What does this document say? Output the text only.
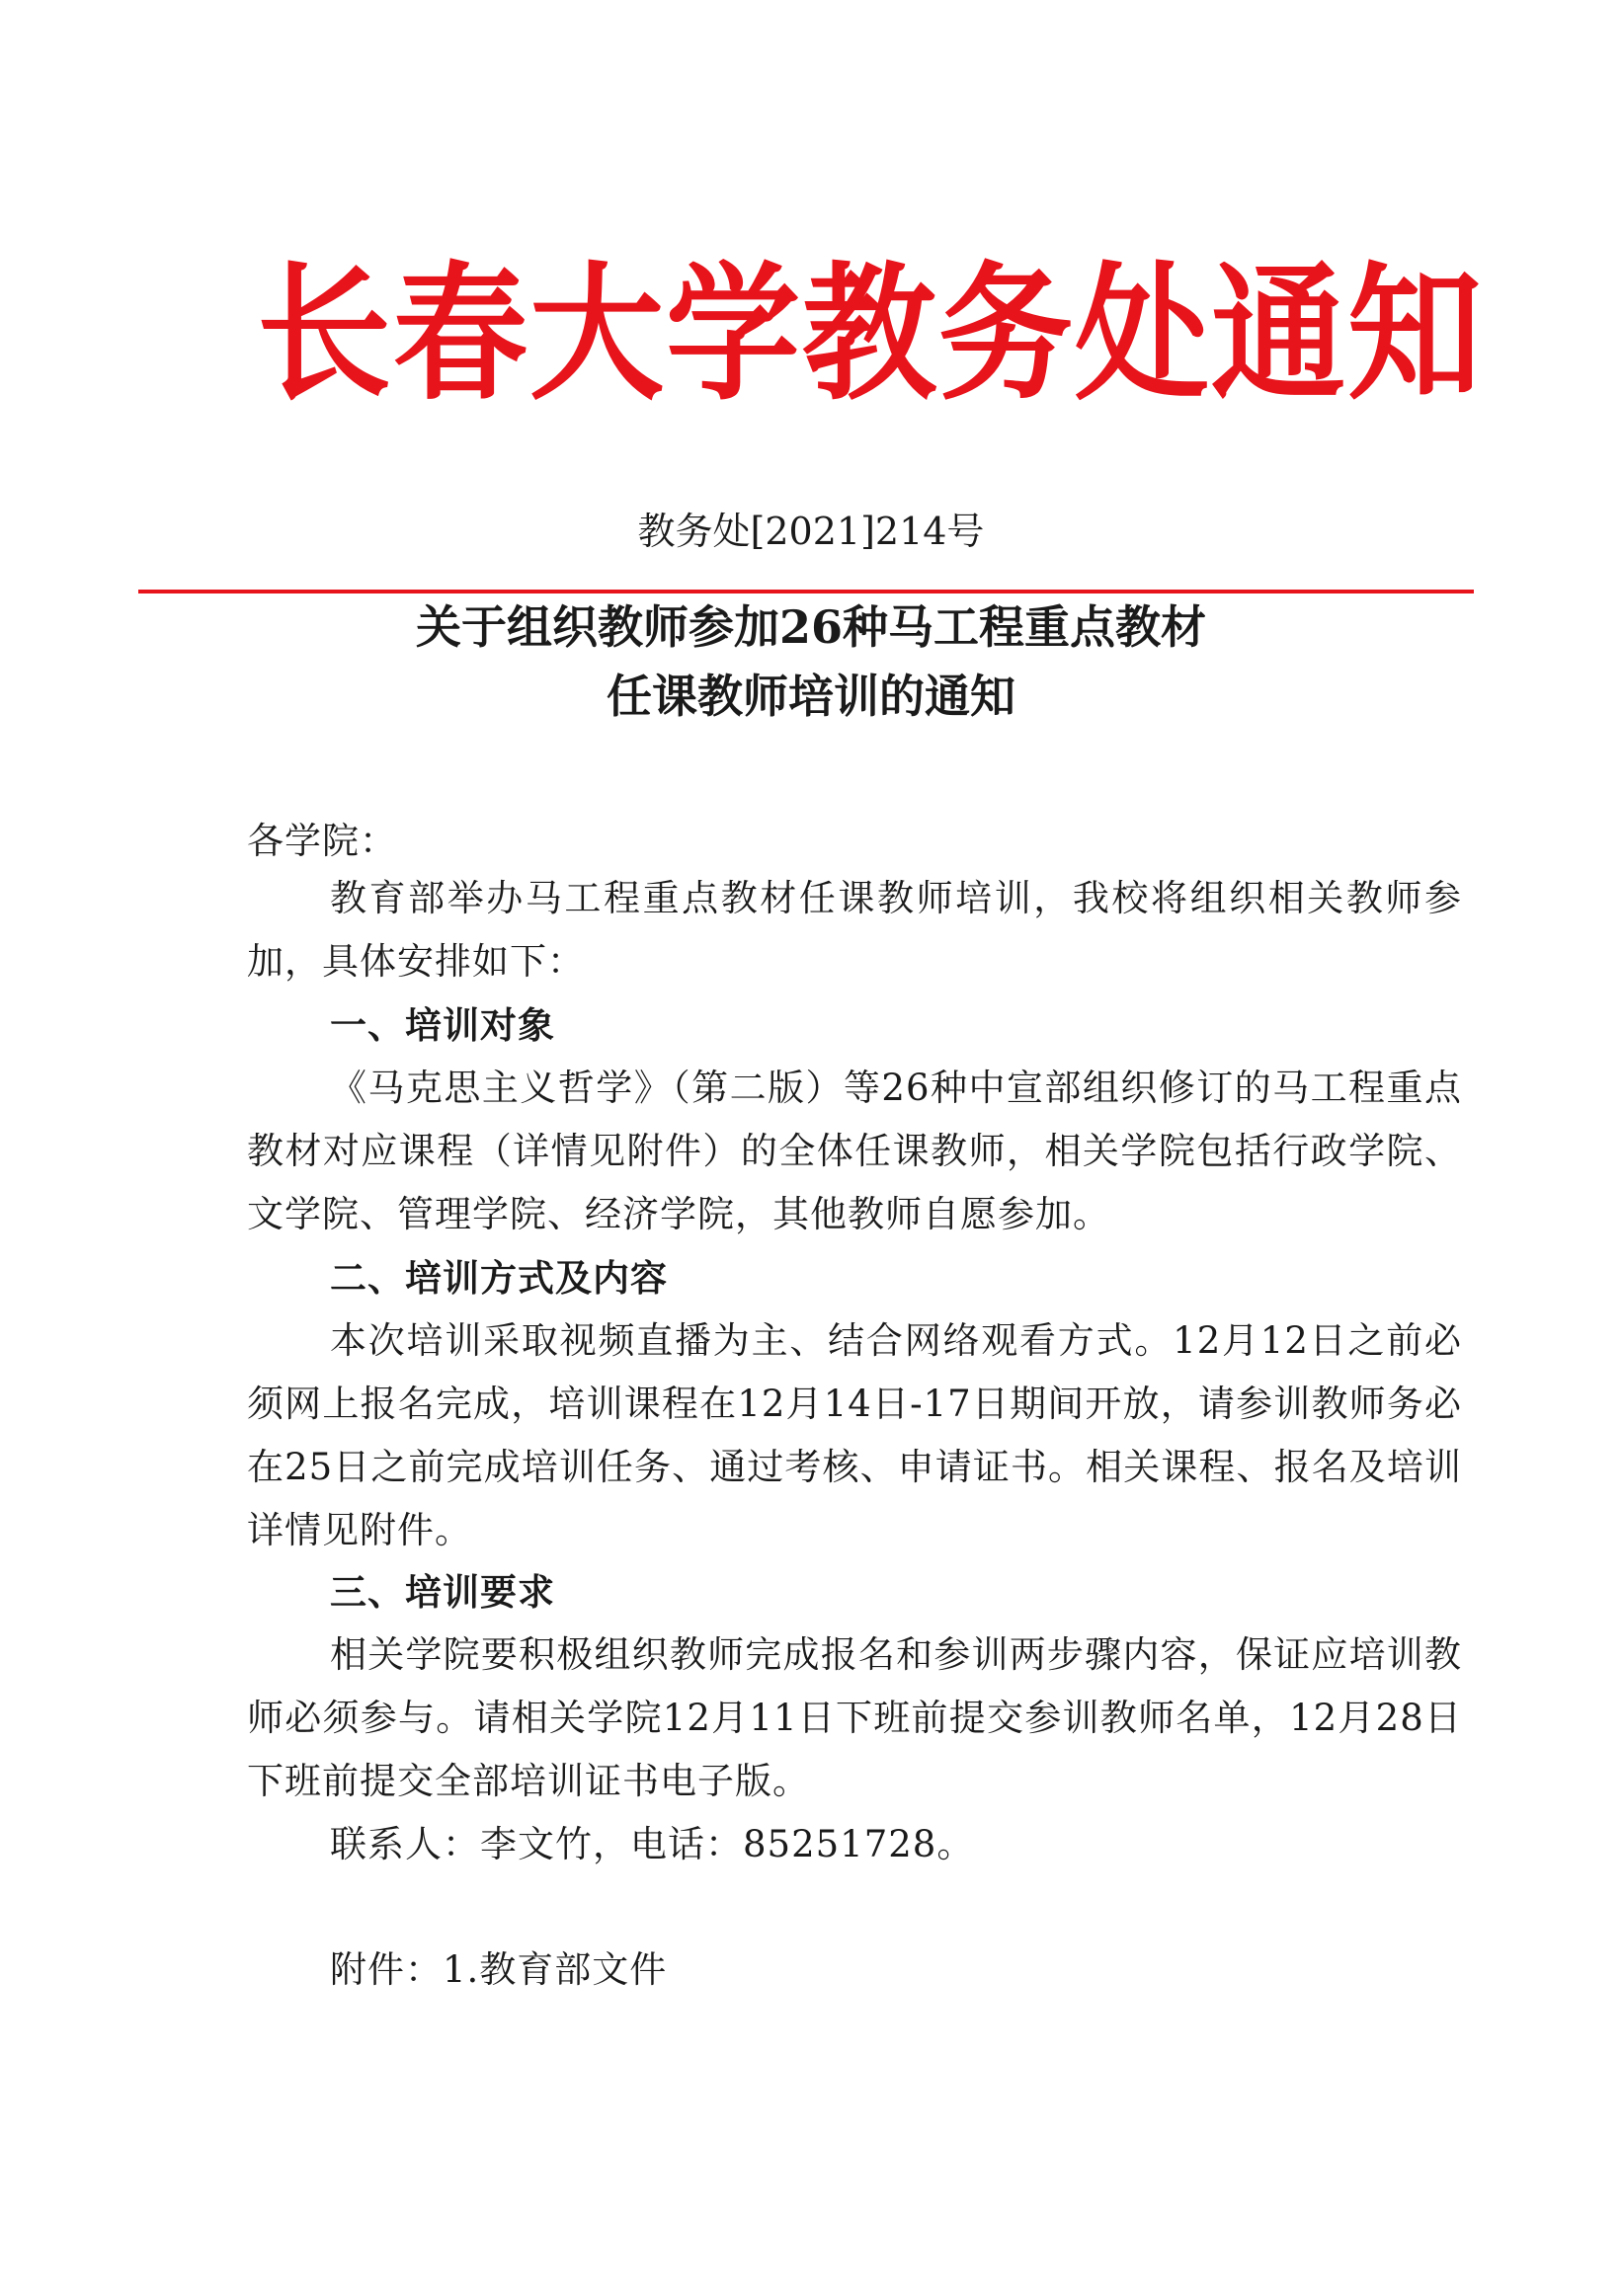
长春大学教务处通知
教务处[2021]214号
关于组织教师参加26种马工程重点教材
任课教师培训的通知
各学院：
教育部举办马工程重点教材任课教师培训，我校将组织相关教师参加，具体安排如下：
一、培训对象
《马克思主义哲学》（第二版）等26种中宣部组织修订的马工程重点教材对应课程（详情见附件）的全体任课教师，相关学院包括行政学院、文学院、管理学院、经济学院，其他教师自愿参加。
二、培训方式及内容
本次培训采取视频直播为主、结合网络观看方式。12月12日之前必须网上报名完成，培训课程在12月14日-17日期间开放，请参训教师务必在25日之前完成培训任务、通过考核、申请证书。相关课程、报名及培训详情见附件。
三、培训要求
相关学院要积极组织教师完成报名和参训两步骤内容，保证应培训教师必须参与。请相关学院12月11日下班前提交参训教师名单，12月28日下班前提交全部培训证书电子版。
联系人：李文竹，电话：85251728。
附件：1.教育部文件
